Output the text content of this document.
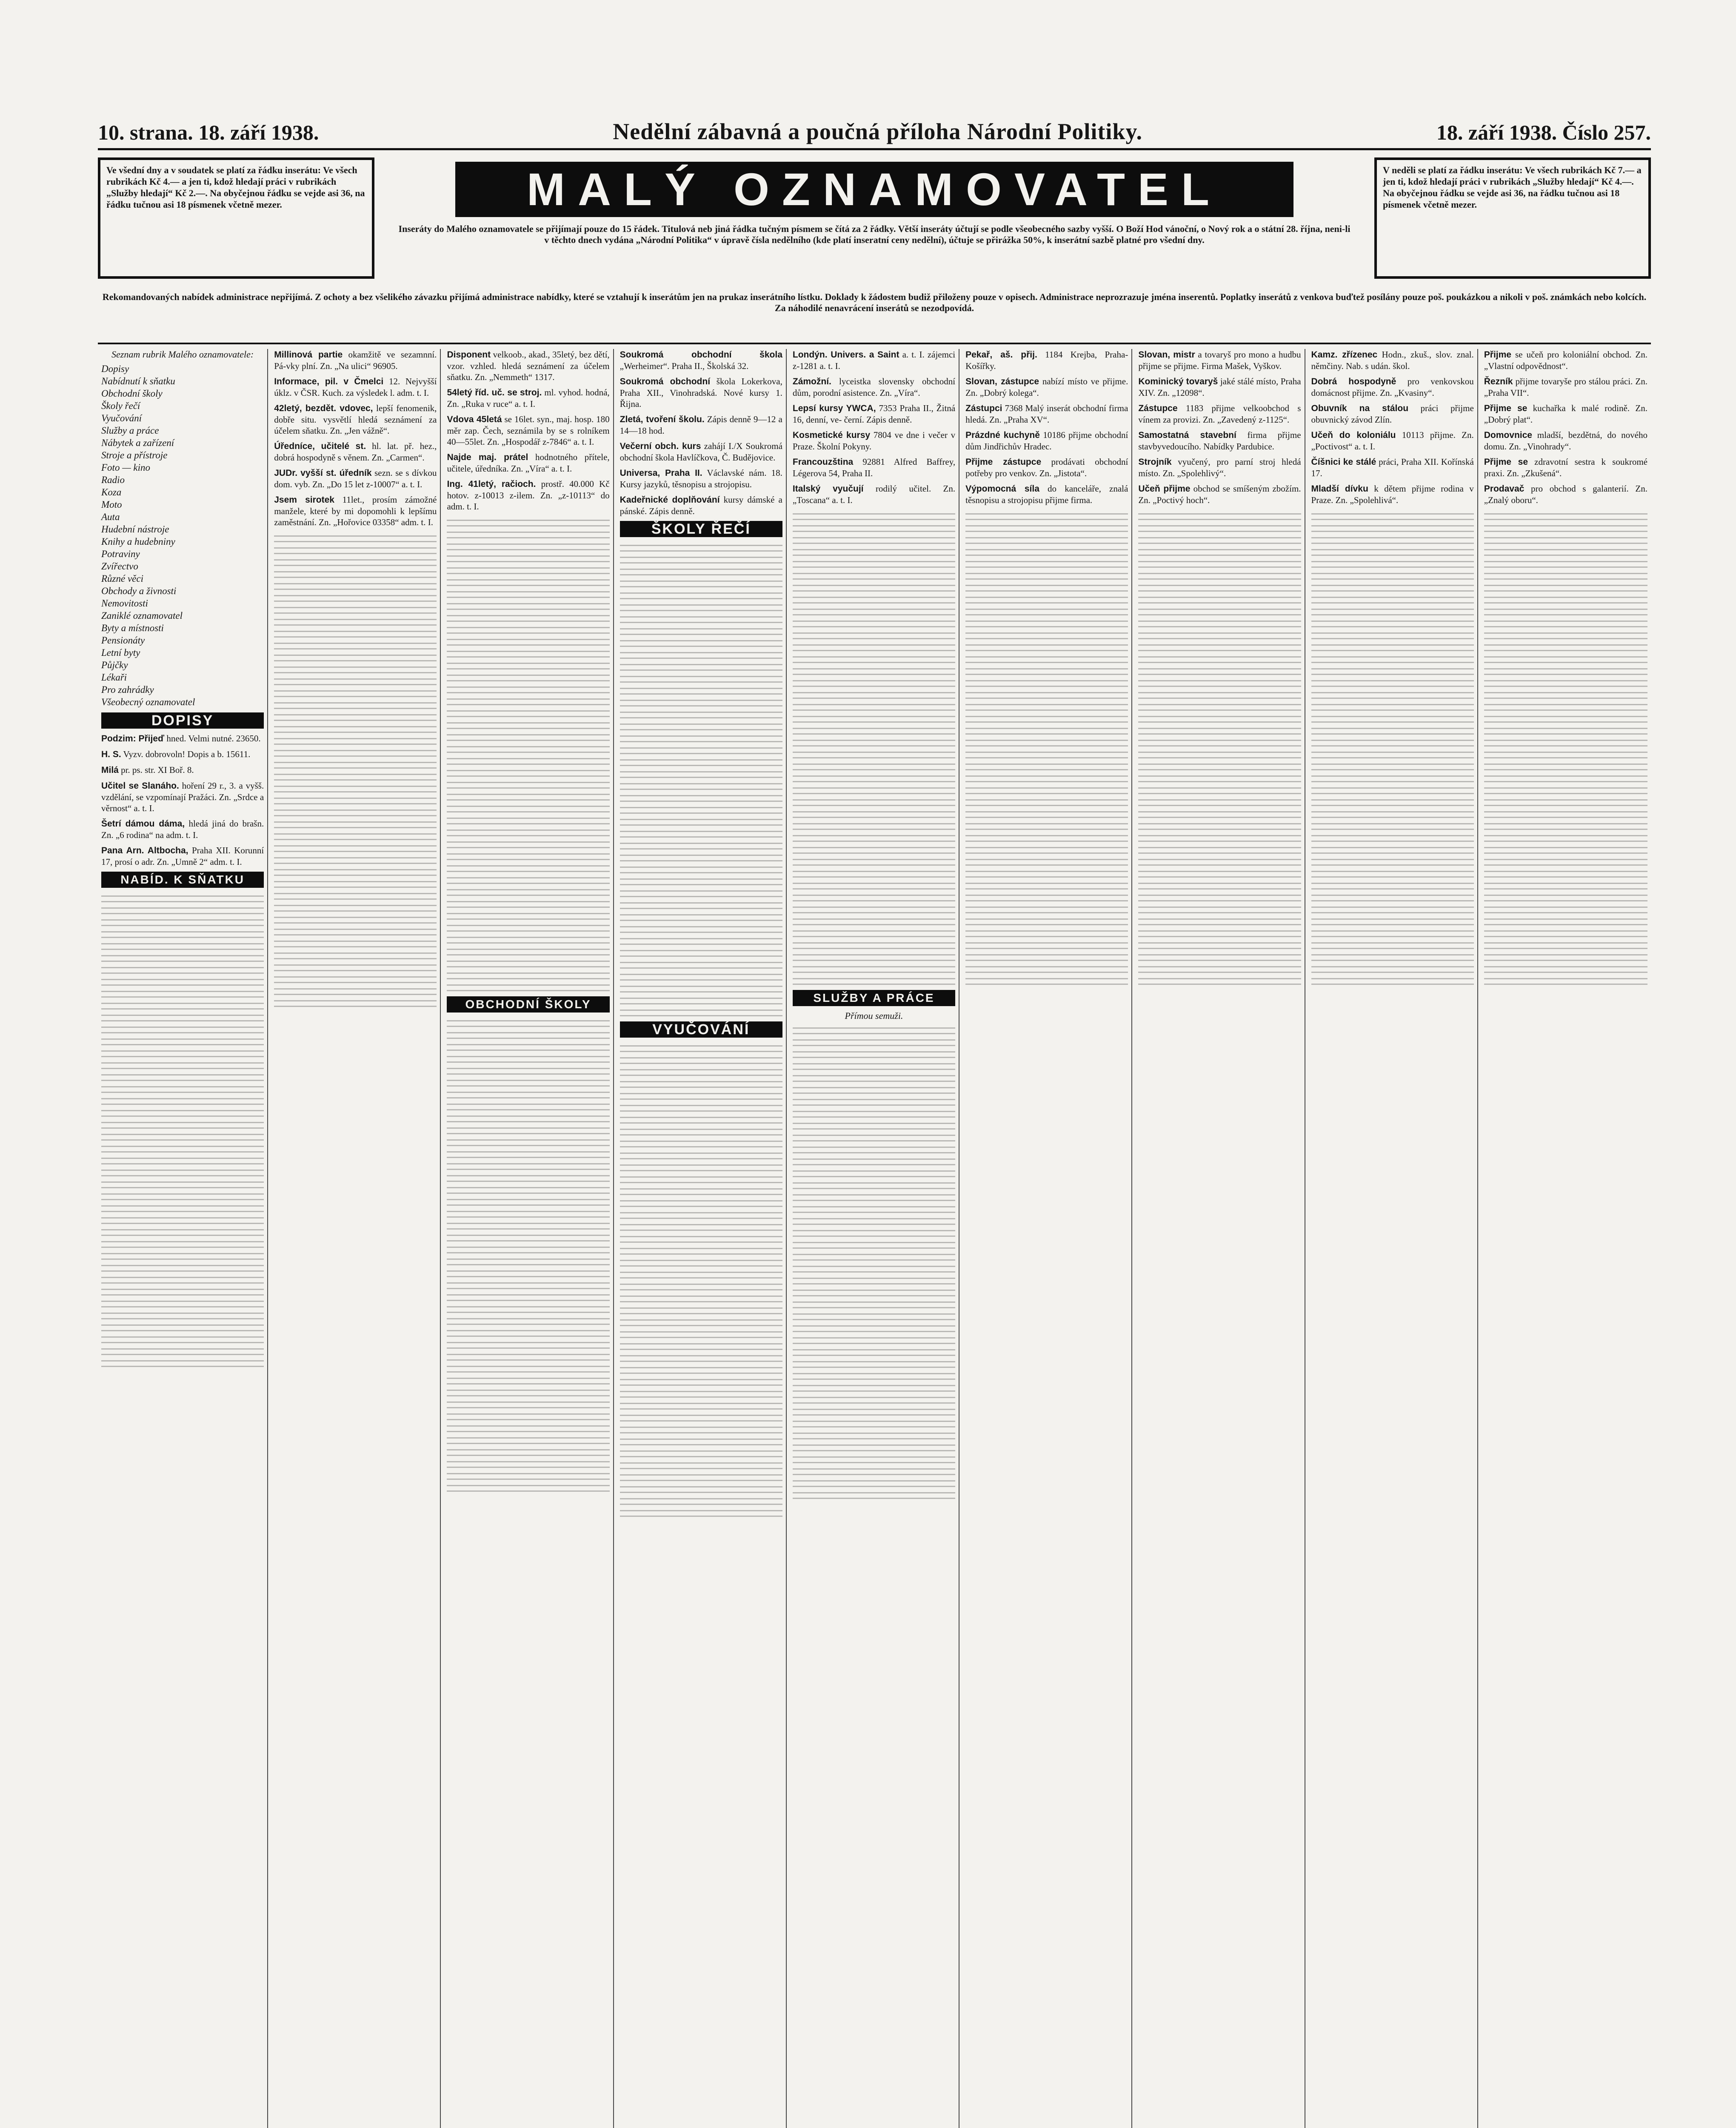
10. strana. 18. září 1938.	Nedělní zábavná a poučná příloha Národní Politiky.	18. září 1938. Číslo 257.
Ve všední dny a v soudatek se platí za řádku inserátu: Ve všech rubrikách Kč 4.— a jen ti, kdož hledají práci v rubrikách „Služby hledají“ Kč 2.—. Na obyčejnou řádku se vejde asi 36, na řádku tučnou asi 18 písmenek včetně mezer.	MALÝ OZNAMOVATEL
Inseráty do Malého oznamovatele se přijímají pouze do 15 řádek. Titulová neb jiná řádka tučným písmem se čítá za 2 řádky. Větší inseráty účtují se podle všeobecného sazby vyšší. O Boží Hod vánoční, o Nový rok a o státní 28. října, neni-li v těchto dnech vydána „Národní Politika“ v úpravě čísla nedělního (kde platí inseratní ceny nedělní), účtuje se přirážka 50%, k inserátní sazbě platné pro všední dny.
V neděli se platí za řádku inserátu: Ve všech rubrikách Kč 7.— a jen ti, kdož hledají práci v rubrikách „Služby hledají“ Kč 4.—. Na obyčejnou řádku se vejde asi 36, na řádku tučnou asi 18 písmenek včetně mezer.
Rekomandovaných nabídek administrace nepřijímá. Z ochoty a bez všelikého závazku přijímá administrace nabídky, které se vztahují k inserátům jen na prukaz inserátního lístku. Doklady k žádostem budiž přiloženy pouze v opisech. Administrace neprozrazuje jména inserentů. Poplatky inserátů z venkova buďtež posílány pouze poš. poukázkou a nikoli v poš. známkách nebo kolcích. Za náhodilé nenavrácení inserátů se nezodpovídá.
Seznam rubrik Malého oznamovatele:
Dopisy
Nabídnutí k sňatku
Obchodní školy
Školy řečí
Vyučování
Služby a práce
Nábytek a zařízení
Stroje a přístroje
Foto — kino
Radio
Koza
Moto
Auta
Hudební nástroje
Knihy a hudebniny
Potraviny
Zvířectvo
Různé věci
Obchody a živnosti
Nemovitosti
Zaniklé oznamovatel
Byty a místnosti
Pensionáty
Letní byty
Půjčky
Lékaři
Pro zahrádky
Všeobecný oznamovatel
DOPISY

Podzim: Přijeď hned. Velmi nutné. 23650.

H. S. Vyzv. dobrovoln! Dopis a b. 15611.

Milá pr. ps. str. XI Boř. 8.

Učitel se Slanáho. hoření 29 r., 3. a vyšš. vzdělání, se vzpomínají Pražáci. Zn. „Srdce a věrnost“ a. t. I.

Šetrí dámou dáma, hledá jiná do brašn. Zn. „6 rodina“ na adm. t. I.

Pana Arn. Altbocha, Praha XII. Korunní 17, prosí o adr. Zn. „Umně 2“ adm. t. I.

NABÍD. K SŇATKU

Millinová partie okamžitě ve sezamnní. Pá-vky plní. Zn. „Na ulici“ 96905.

Informace, pil. v Čmelci 12. Nejvyšší úklz. v ČSR. Kuch. za výsledek l. adm. t. I.

42letý, bezdět. vdovec, lepší fenomenik, dobře situ. vysvětlí hledá seznámení za účelem sňatku. Zn. „Jen vážně“.

Úředníce, učitelé st. hl. lat. př. hez., dobrá hospodyně s věnem. Zn. „Carmen“.

JUDr. vyšší st. úředník sezn. se s dívkou dom. vyb. Zn. „Do 15 let z-10007“ a. t. I.

Jsem sirotek 11let., prosím zámožné manžele, které by mi dopomohli k lepšímu zaměstnání. Zn. „Hořovice 03358“ adm. t. I.

Disponent velkoob., akad., 35letý, bez dětí, vzor. vzhled. hledá seznámení za účelem sňatku. Zn. „Nemmeth“ 1317.

54letý říd. uč. se stroj. ml. vyhod. hodná, Zn. „Ruka v ruce“ a. t. I.

Vdova 45letá se 16let. syn., maj. hosp. 180 měr zap. Čech, seznámila by se s rolníkem 40—55let. Zn. „Hospodář z-7846“ a. t. I.

Najde maj. prátel hodnotného přítele, učitele, úředníka. Zn. „Víra“ a. t. I.

Ing. 41letý, račioch. prostř. 40.000 Kč hotov. z-10013 z-ilem. Zn. „z-10113“ do adm. t. I.

OBCHODNÍ ŠKOLY

Soukromá obchodní škola „Werheimer“. Praha II., Školská 32.

Soukromá obchodní škola Lokerkova, Praha XII., Vinohradská. Nové kursy 1. Řijna.

Zletá, tvoření školu. Zápis denně 9—12 a 14—18 hod.

Večerní obch. kurs zahájí I./X Soukromá obchodní škola Havlíčkova, Č. Budějovice.

Universa, Praha II. Václavské nám. 18. Kursy jazyků, těsnopisu a strojopisu.

Kadeřnické doplňování kursy dámské a pánské. Zápis denně.

ŠKOLY ŘEČÍ
VYUČOVÁNÍ

Londýn. Univers. a Saint a. t. I. zájemci z-1281 a. t. I.

Zámožní. lyceistka slovensky obchodní dům, porodní asistence. Zn. „Víra“.

Lepsí kursy YWCA, 7353 Praha II., Žitná 16, denní, ve- černí. Zápis denně.

Kosmetické kursy 7804 ve dne i večer v Praze. Školní Pokyny.

Francouzština 92881 Alfred Baffrey, Légerova 54, Praha II.

Italský vyučují rodilý učitel. Zn. „Toscana“ a. t. I.

SLUŽBY A PRÁCE
Přímou semuži.

Pekař, aš. přij. 1184 Krejba, Praha-Košířky.

Slovan, zástupce nabízí místo ve přijme. Zn. „Dobrý kolega“.

Zástupci 7368 Malý inserát obchodní firma hledá. Zn. „Praha XV“.

Prázdné kuchyně 10186 přijme obchodní dům Jindřichův Hradec.

Přijme zástupce prodávati obchodní potřeby pro venkov. Zn. „Jistota“.

Výpomocná síla do kanceláře, znalá těsnopisu a strojopisu přijme firma.

Slovan, mistr a tovaryš pro mono a hudbu přijme se přijme. Firma Mašek, Vyškov.

Kominický tovaryš jaké stálé místo, Praha XIV. Zn. „12098“.

Zástupce 1183 přijme velkoobchod s vínem za provizi. Zn. „Zavedený z-1125“.

Samostatná stavební firma přijme stavbyvedoucího. Nabídky Pardubice.

Strojník vyučený, pro parní stroj hledá místo. Zn. „Spolehlivý“.

Učeň přijme obchod se smíšeným zbožím. Zn. „Poctivý hoch“.

Kamz. zřízenec Hodn., zkuš., slov. znal. němčiny. Nab. s udán. škol.

Dobrá hospodyně pro venkovskou domácnost přijme. Zn. „Kvasiny“.

Obuvník na stálou práci přijme obuvnický závod Zlín.

Učeň do koloniálu 10113 přijme. Zn. „Poctivost“ a. t. I.

Číšnici ke stálé práci, Praha XII. Kořínská 17.

Mladší dívku k dětem přijme rodina v Praze. Zn. „Spolehlivá“.

Přijme se učeň pro koloniální obchod. Zn. „Vlastní odpovědnost“.

Řezník přijme tovaryše pro stálou práci. Zn. „Praha VII“.

Přijme se kuchařka k malé rodině. Zn. „Dobrý plat“.

Domovnice mladší, bezdětná, do nového domu. Zn. „Vinohrady“.

Přijme se zdravotní sestra k soukromé praxi. Zn. „Zkušená“.

Prodavač pro obchod s galanterií. Zn. „Znalý oboru“.
